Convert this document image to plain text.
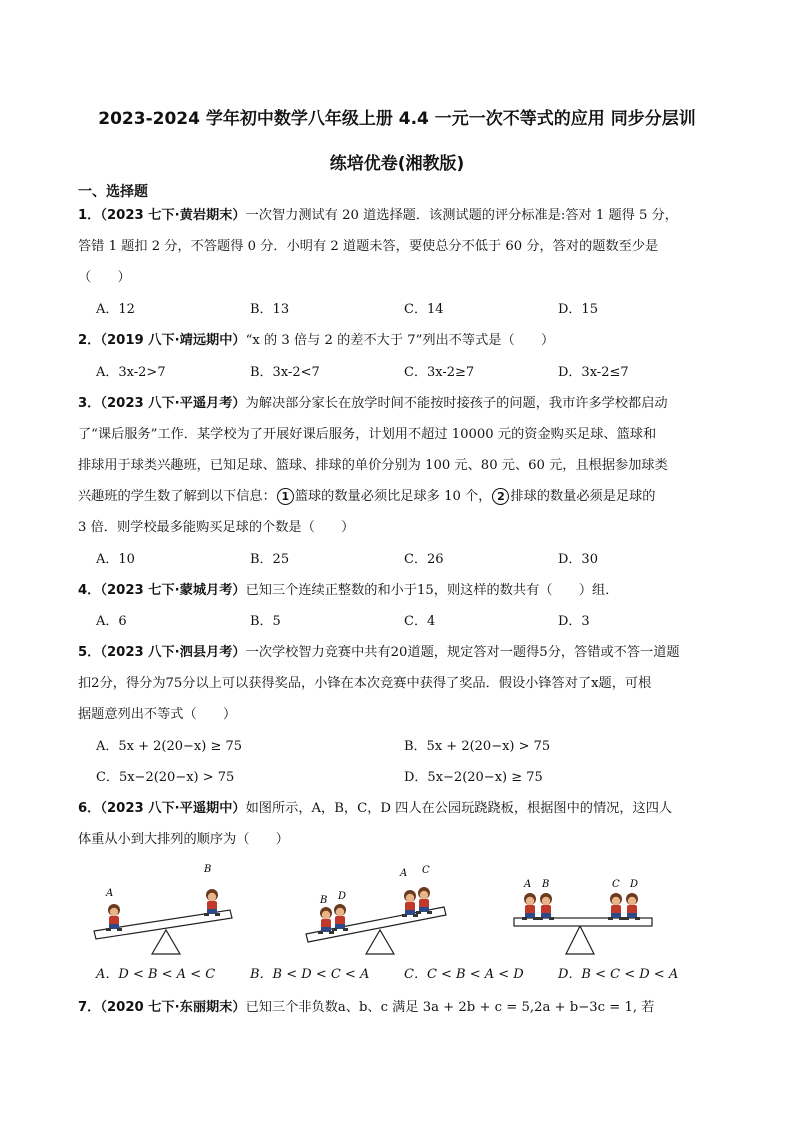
2023-2024 学年初中数学八年级上册 4.4 一元一次不等式的应用 同步分层训
练培优卷(湘教版)
一、选择题
1．（2023 七下·黄岩期末）一次智力测试有 20 道选择题．该测试题的评分标准是:答对 1 题得 5 分，
答错 1 题扣 2 分，不答题得 0 分．小明有 2 道题未答，要使总分不低于 60 分，答对的题数至少是
（　　）
A．12	B．13	C．14	D．15
2．（2019 八下·靖远期中）“x 的 3 倍与 2 的差不大于 7”列出不等式是（　　）
A．3x-2>7	B．3x-2<7	C．3x-2≥7	D．3x-2≤7
3．（2023 八下·平遥月考）为解决部分家长在放学时间不能按时接孩子的问题，我市许多学校都启动
了“课后服务”工作．某学校为了开展好课后服务，计划用不超过 10000 元的资金购买足球、篮球和
排球用于球类兴趣班，已知足球、篮球、排球的单价分别为 100 元、80 元、60 元，且根据参加球类
兴趣班的学生数了解到以下信息： 1 篮球的数量必须比足球多 10 个， 2 排球的数量必须是足球的
3 倍．则学校最多能购买足球的个数是（　　）
A．10	B．25	C．26	D．30
4．（2023 七下·蒙城月考）已知三个连续正整数的和小于15，则这样的数共有（　　）组．
A．6	B．5	C．4	D．3
5．（2023 八下·泗县月考）一次学校智力竞赛中共有20道题，规定答对一题得5分，答错或不答一道题
扣2分，得分为75分以上可以获得奖品，小锋在本次竞赛中获得了奖品．假设小锋答对了x题，可根
据题意列出不等式（　　）
A．5x + 2(20−x) ≥ 75	B．5x + 2(20−x) > 75
C．5x−2(20−x) > 75	D．5x−2(20−x) ≥ 75
6．（2023 八下·平遥期中）如图所示，A，B，C，D 四人在公园玩跷跷板，根据图中的情况，这四人
体重从小到大排列的顺序为（　　）
A
B
B D
A C
A B	C D
A．D < B < A < C	B．B < D < C < A	C．C < B < A < D	D．B < C < D < A
7．（2020 七下·东丽期末）已知三个非负数a、b、c 满足 3a + 2b + c = 5,2a + b−3c = 1, 若
